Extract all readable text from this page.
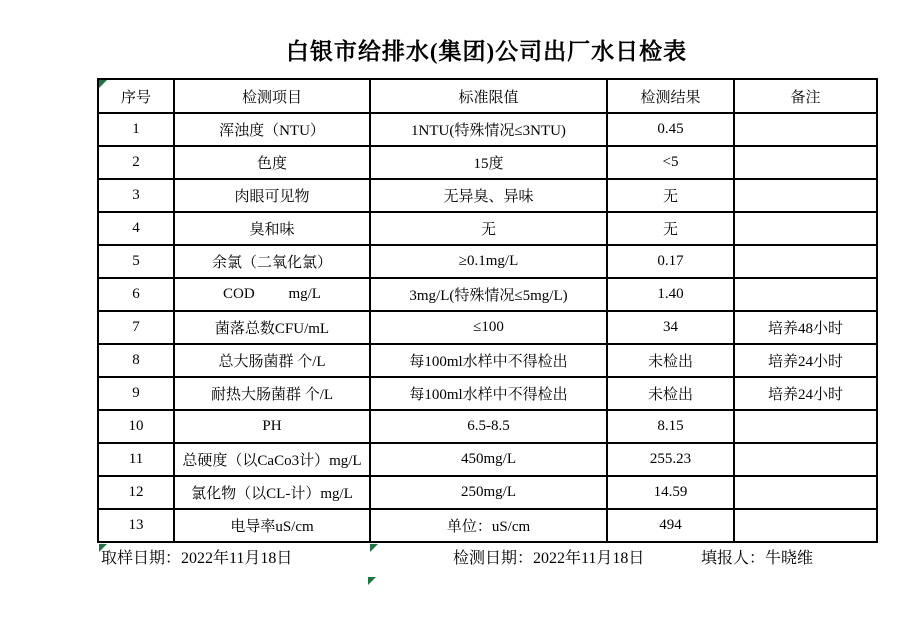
白银市给排水(集团)公司出厂水日检表
序号	检测项目	标准限值	检测结果	备注
1	浑浊度（NTU）	1NTU(特殊情况≤3NTU)	0.45	
2	色度	15度	<5	
3	肉眼可见物	无异臭、异味	无	
4	臭和味	无	无	
5	余氯（二氧化氯）	≥0.1mg/L	0.17	
6	COD         mg/L	3mg/L(特殊情况≤5mg/L)	1.40	
7	菌落总数CFU/mL	≤100	34	培养48小时
8	总大肠菌群 个/L	每100ml水样中不得检出	未检出	培养24小时
9	耐热大肠菌群 个/L	每100ml水样中不得检出	未检出	培养24小时
10	PH	6.5-8.5	8.15	
11	总硬度（以CaCo3计）mg/L	450mg/L	255.23	
12	氯化物（以CL-计）mg/L	250mg/L	14.59	
13	电导率uS/cm	单位：uS/cm	494	
取样日期：2022年11月18日	检测日期：2022年11月18日	填报人：牛晓维
